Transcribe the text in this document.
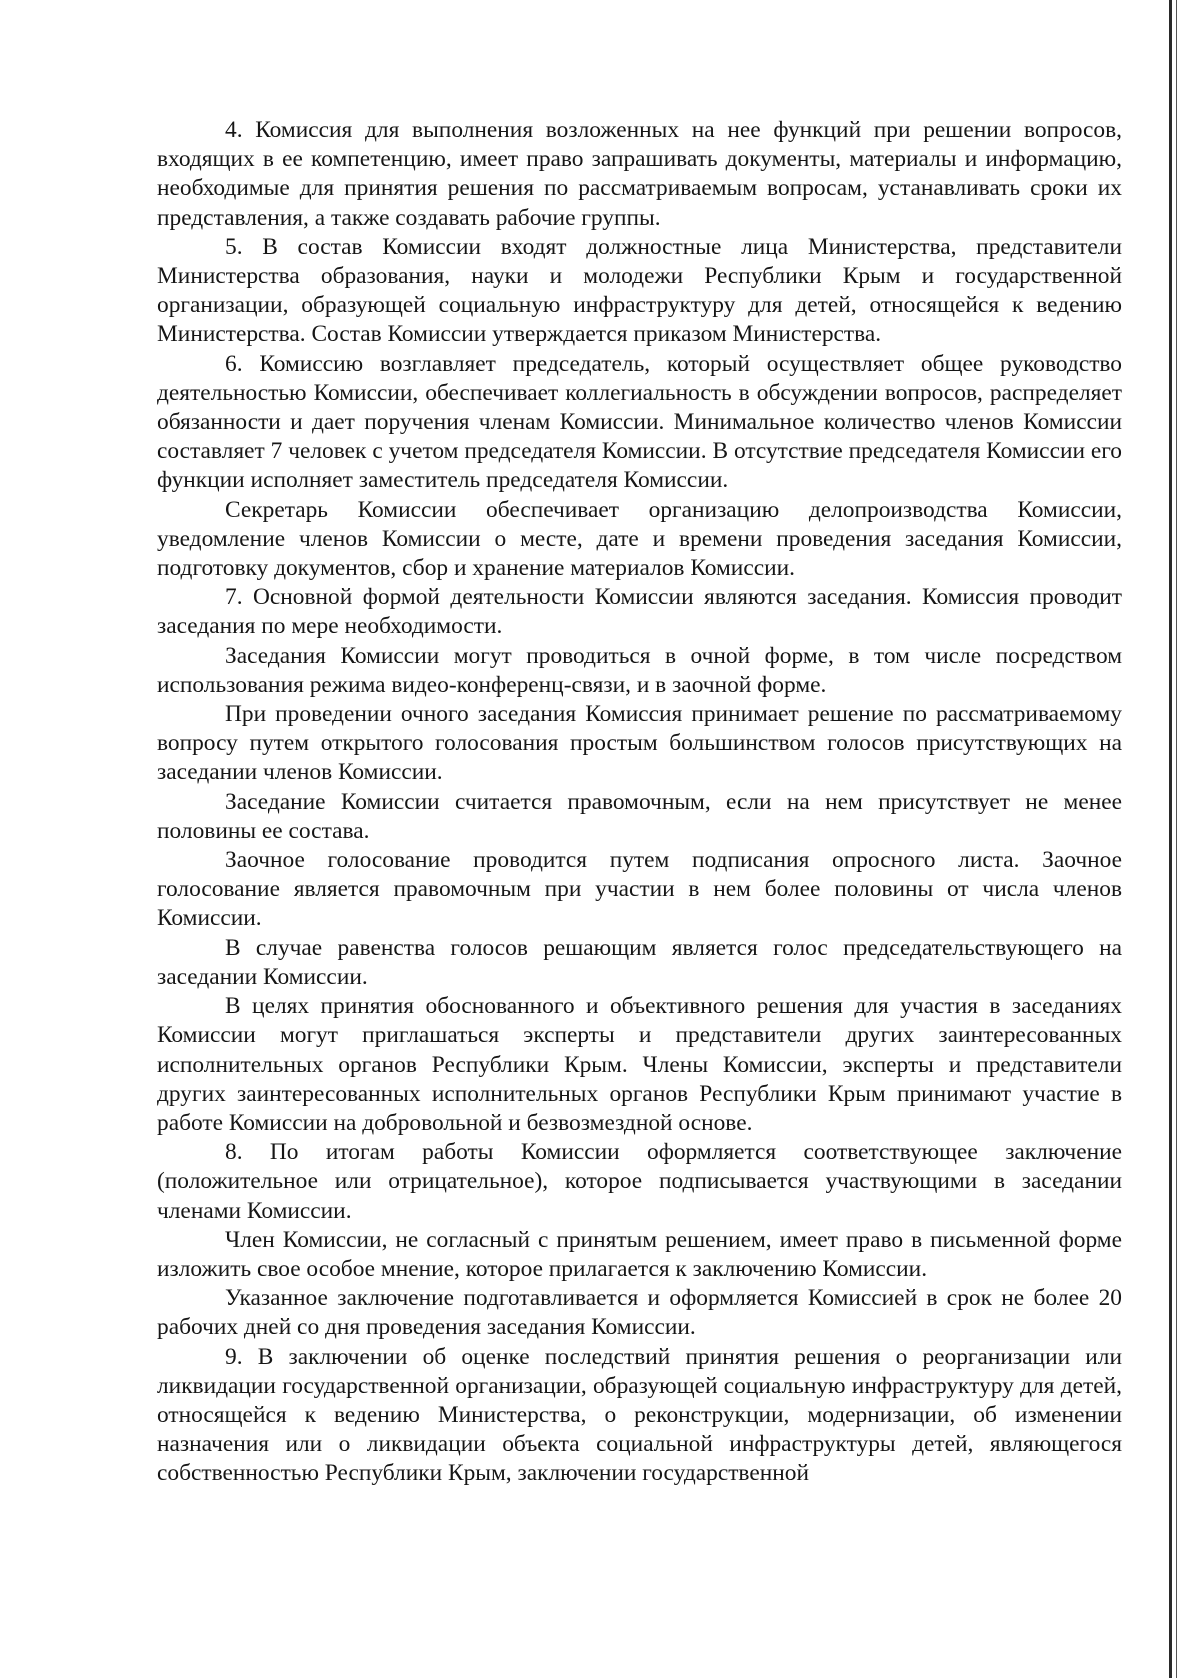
4. Комиссия для выполнения возложенных на нее функций при решении вопросов, входящих в ее компетенцию, имеет право запрашивать документы, материалы и информацию, необходимые для принятия решения по рассматриваемым вопросам, устанавливать сроки их представления, а также создавать рабочие группы.

5. В состав Комиссии входят должностные лица Министерства, представители Министерства образования, науки и молодежи Республики Крым и государственной организации, образующей социальную инфраструктуру для детей, относящейся к ведению Министерства. Состав Комиссии утверждается приказом Министерства.

6. Комиссию возглавляет председатель, который осуществляет общее руководство деятельностью Комиссии, обеспечивает коллегиальность в обсуждении вопросов, распределяет обязанности и дает поручения членам Комиссии. Минимальное количество членов Комиссии составляет 7 человек с учетом председателя Комиссии. В отсутствие председателя Комиссии его функции исполняет заместитель председателя Комиссии.

Секретарь Комиссии обеспечивает организацию делопроизводства Комиссии, уведомление членов Комиссии о месте, дате и времени проведения заседания Комиссии, подготовку документов, сбор и хранение материалов Комиссии.

7. Основной формой деятельности Комиссии являются заседания. Комиссия проводит заседания по мере необходимости.

Заседания Комиссии могут проводиться в очной форме, в том числе посредством использования режима видео-конференц-связи, и в заочной форме.

При проведении очного заседания Комиссия принимает решение по рассматриваемому вопросу путем открытого голосования простым большинством голосов присутствующих на заседании членов Комиссии.

Заседание Комиссии считается правомочным, если на нем присутствует не менее половины ее состава.

Заочное голосование проводится путем подписания опросного листа. Заочное голосование является правомочным при участии в нем более половины от числа членов Комиссии.

В случае равенства голосов решающим является голос председательствующего на заседании Комиссии.

В целях принятия обоснованного и объективного решения для участия в заседаниях Комиссии могут приглашаться эксперты и представители других заинтересованных исполнительных органов Республики Крым. Члены Комиссии, эксперты и представители других заинтересованных исполнительных органов Республики Крым принимают участие в работе Комиссии на добровольной и безвозмездной основе.

8. По итогам работы Комиссии оформляется соответствующее заключение (положительное или отрицательное), которое подписывается участвующими в заседании членами Комиссии.

Член Комиссии, не согласный с принятым решением, имеет право в письменной форме изложить свое особое мнение, которое прилагается к заключению Комиссии.

Указанное заключение подготавливается и оформляется Комиссией в срок не более 20 рабочих дней со дня проведения заседания Комиссии.

9. В заключении об оценке последствий принятия решения о реорганизации или ликвидации государственной организации, образующей социальную инфраструктуру для детей, относящейся к ведению Министерства, о реконструкции, модернизации, об изменении назначения или о ликвидации объекта социальной инфраструктуры детей, являющегося собственностью Республики Крым, заключении государственной
